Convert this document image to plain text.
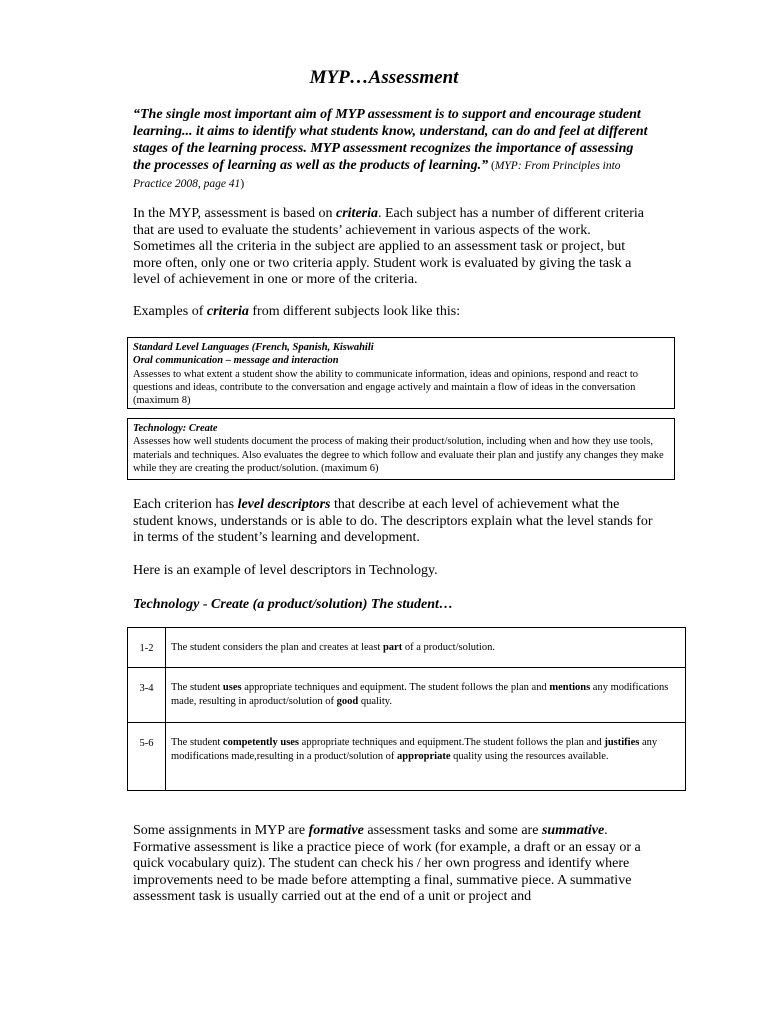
MYP…Assessment
“The single most important aim of MYP assessment is to support and encourage student learning... it aims to identify what students know, understand, can do and feel at different stages of the learning process. MYP assessment recognizes the importance of assessing the processes of learning as well as the products of learning.” (MYP: From Principles into Practice 2008, page 41)
In the MYP, assessment is based on criteria. Each subject has a number of different criteria that are used to evaluate the students’ achievement in various aspects of the work. Sometimes all the criteria in the subject are applied to an assessment task or project, but more often, only one or two criteria apply. Student work is evaluated by giving the task a level of achievement in one or more of the criteria.
Examples of criteria from different subjects look like this:
Standard Level Languages (French, Spanish, Kiswahili
Oral communication – message and interaction
Assesses to what extent a student show the ability to communicate information, ideas and opinions, respond and react to questions and ideas, contribute to the conversation and engage actively and maintain a flow of ideas in the conversation (maximum 8)
Technology: Create
Assesses how well students document the process of making their product/solution, including when and how they use tools, materials and techniques. Also evaluates the degree to which follow and evaluate their plan and justify any changes they make while they are creating the product/solution. (maximum 6)
Each criterion has level descriptors that describe at each level of achievement what the student knows, understands or is able to do. The descriptors explain what the level stands for in terms of the student’s learning and development.
Here is an example of level descriptors in Technology.
Technology - Create (a product/solution) The student…
1-2	The student considers the plan and creates at least part of a product/solution.
3-4	The student uses appropriate techniques and equipment. The student follows the plan and mentions any modifications made, resulting in aproduct/solution of good quality.
5-6	The student competently uses appropriate techniques and equipment.The student follows the plan and justifies any modifications made,resulting in a product/solution of appropriate quality using the resources available.
Some assignments in MYP are formative assessment tasks and some are summative. Formative assessment is like a practice piece of work (for example, a draft or an essay or a quick vocabulary quiz). The student can check his / her own progress and identify where improvements need to be made before attempting a final, summative piece. A summative assessment task is usually carried out at the end of a unit or project and
